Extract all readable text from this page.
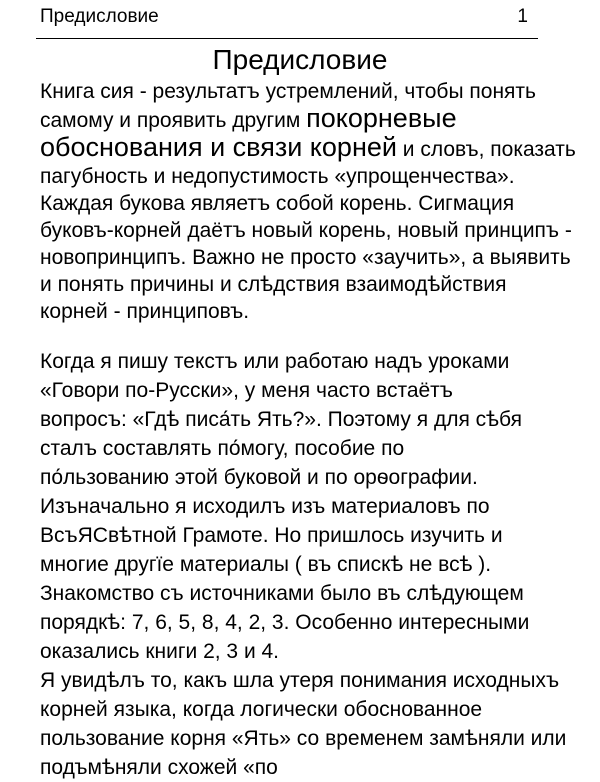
Предисловие	1
Предисловие

Книга сия - результатъ устремлений, чтобы понять самому и проявить другим покорневые обоснования и связи корней и словъ, показать пагубность и недопустимость «упрощенчества».
Каждая букова являетъ собой корень. Сигмация буковъ-корней даётъ новый корень, новый принципъ - новопринципъ. Важно не просто «заучить», а выявить и понять причины и слѣдствия взаимодѣйствия корней - принциповъ.

Когда я пишу текстъ или работаю надъ уроками
«Говори по-Русски», у меня часто встаётъ
вопросъ: «Гдѣ писа́ть Ять?». Поэтому я для сѣбя
сталъ составлять по́могу, пособие по
по́льзованию этой буковой и по орѳографии.
Изъначально я исходилъ изъ материаловъ по
ВсъЯСвѣтной Грамоте. Но пришлось изучить и
многие другїе материалы ( въ спискѣ не всѣ ).
Знакомство съ источниками было въ слѣдующем
порядкѣ: 7, 6, 5, 8, 4, 2, 3. Особенно интересными
оказались книги 2, 3 и 4.

Я увидѣлъ то, какъ шла утеря понимания исходныхъ корней языка, когда логически обоснованное пользование корня «Ять» со временем замѣняли или подъмѣняли схожей «по
